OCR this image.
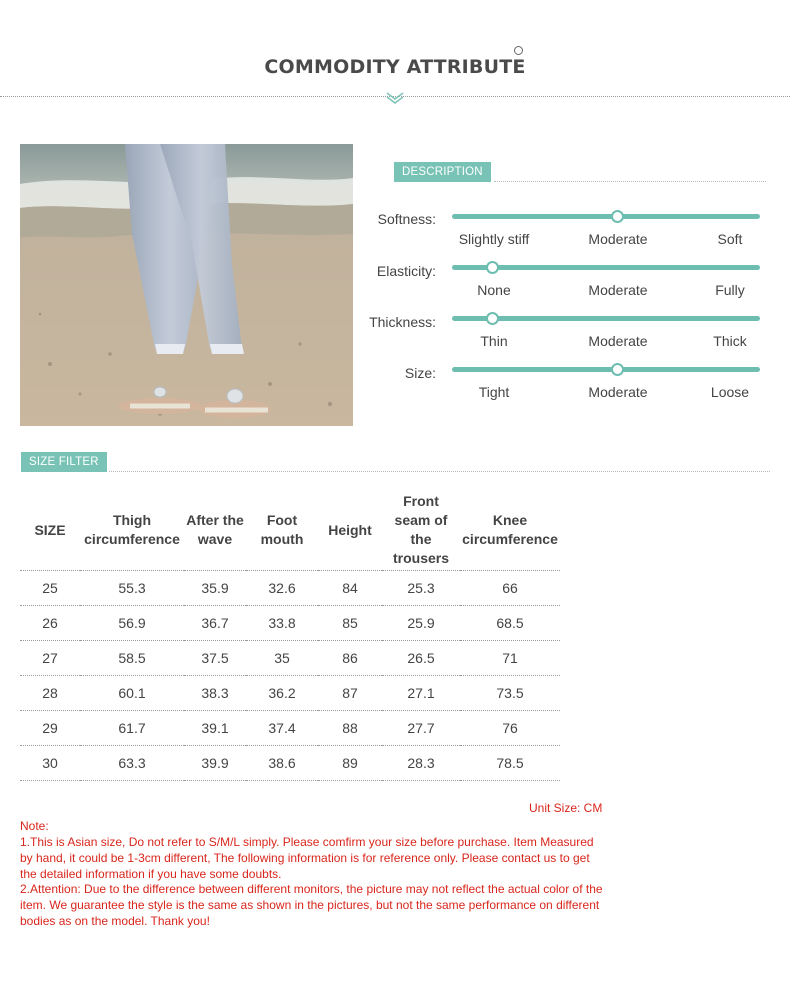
COMMODITY ATTRIBUTE
DESCRIPTION
Softness:
Slightly stiff	Moderate	Soft
Elasticity:
None	Moderate	Fully
Thickness:
Thin	Moderate	Thick
Size:
Tight	Moderate	Loose
SIZE FILTER
SIZE	Thigh circumference	After the wave	Foot mouth	Height	Front seam of the trousers	Knee circumference
25	55.3	35.9	32.6	84	25.3	66
26	56.9	36.7	33.8	85	25.9	68.5
27	58.5	37.5	35	86	26.5	71
28	60.1	38.3	36.2	87	27.1	73.5
29	61.7	39.1	37.4	88	27.7	76
30	63.3	39.9	38.6	89	28.3	78.5
Unit Size: CM
Note:
1.This is Asian size, Do not refer to S/M/L simply. Please comfirm your size before purchase. Item Measured by hand, it could be 1-3cm different, The following information is for reference only. Please contact us to get the detailed information if you have some doubts.
2.Attention: Due to the difference between different monitors, the picture may not reflect the actual color of the item. We guarantee the style is the same as shown in the pictures, but not the same performance on different bodies as on the model. Thank you!
